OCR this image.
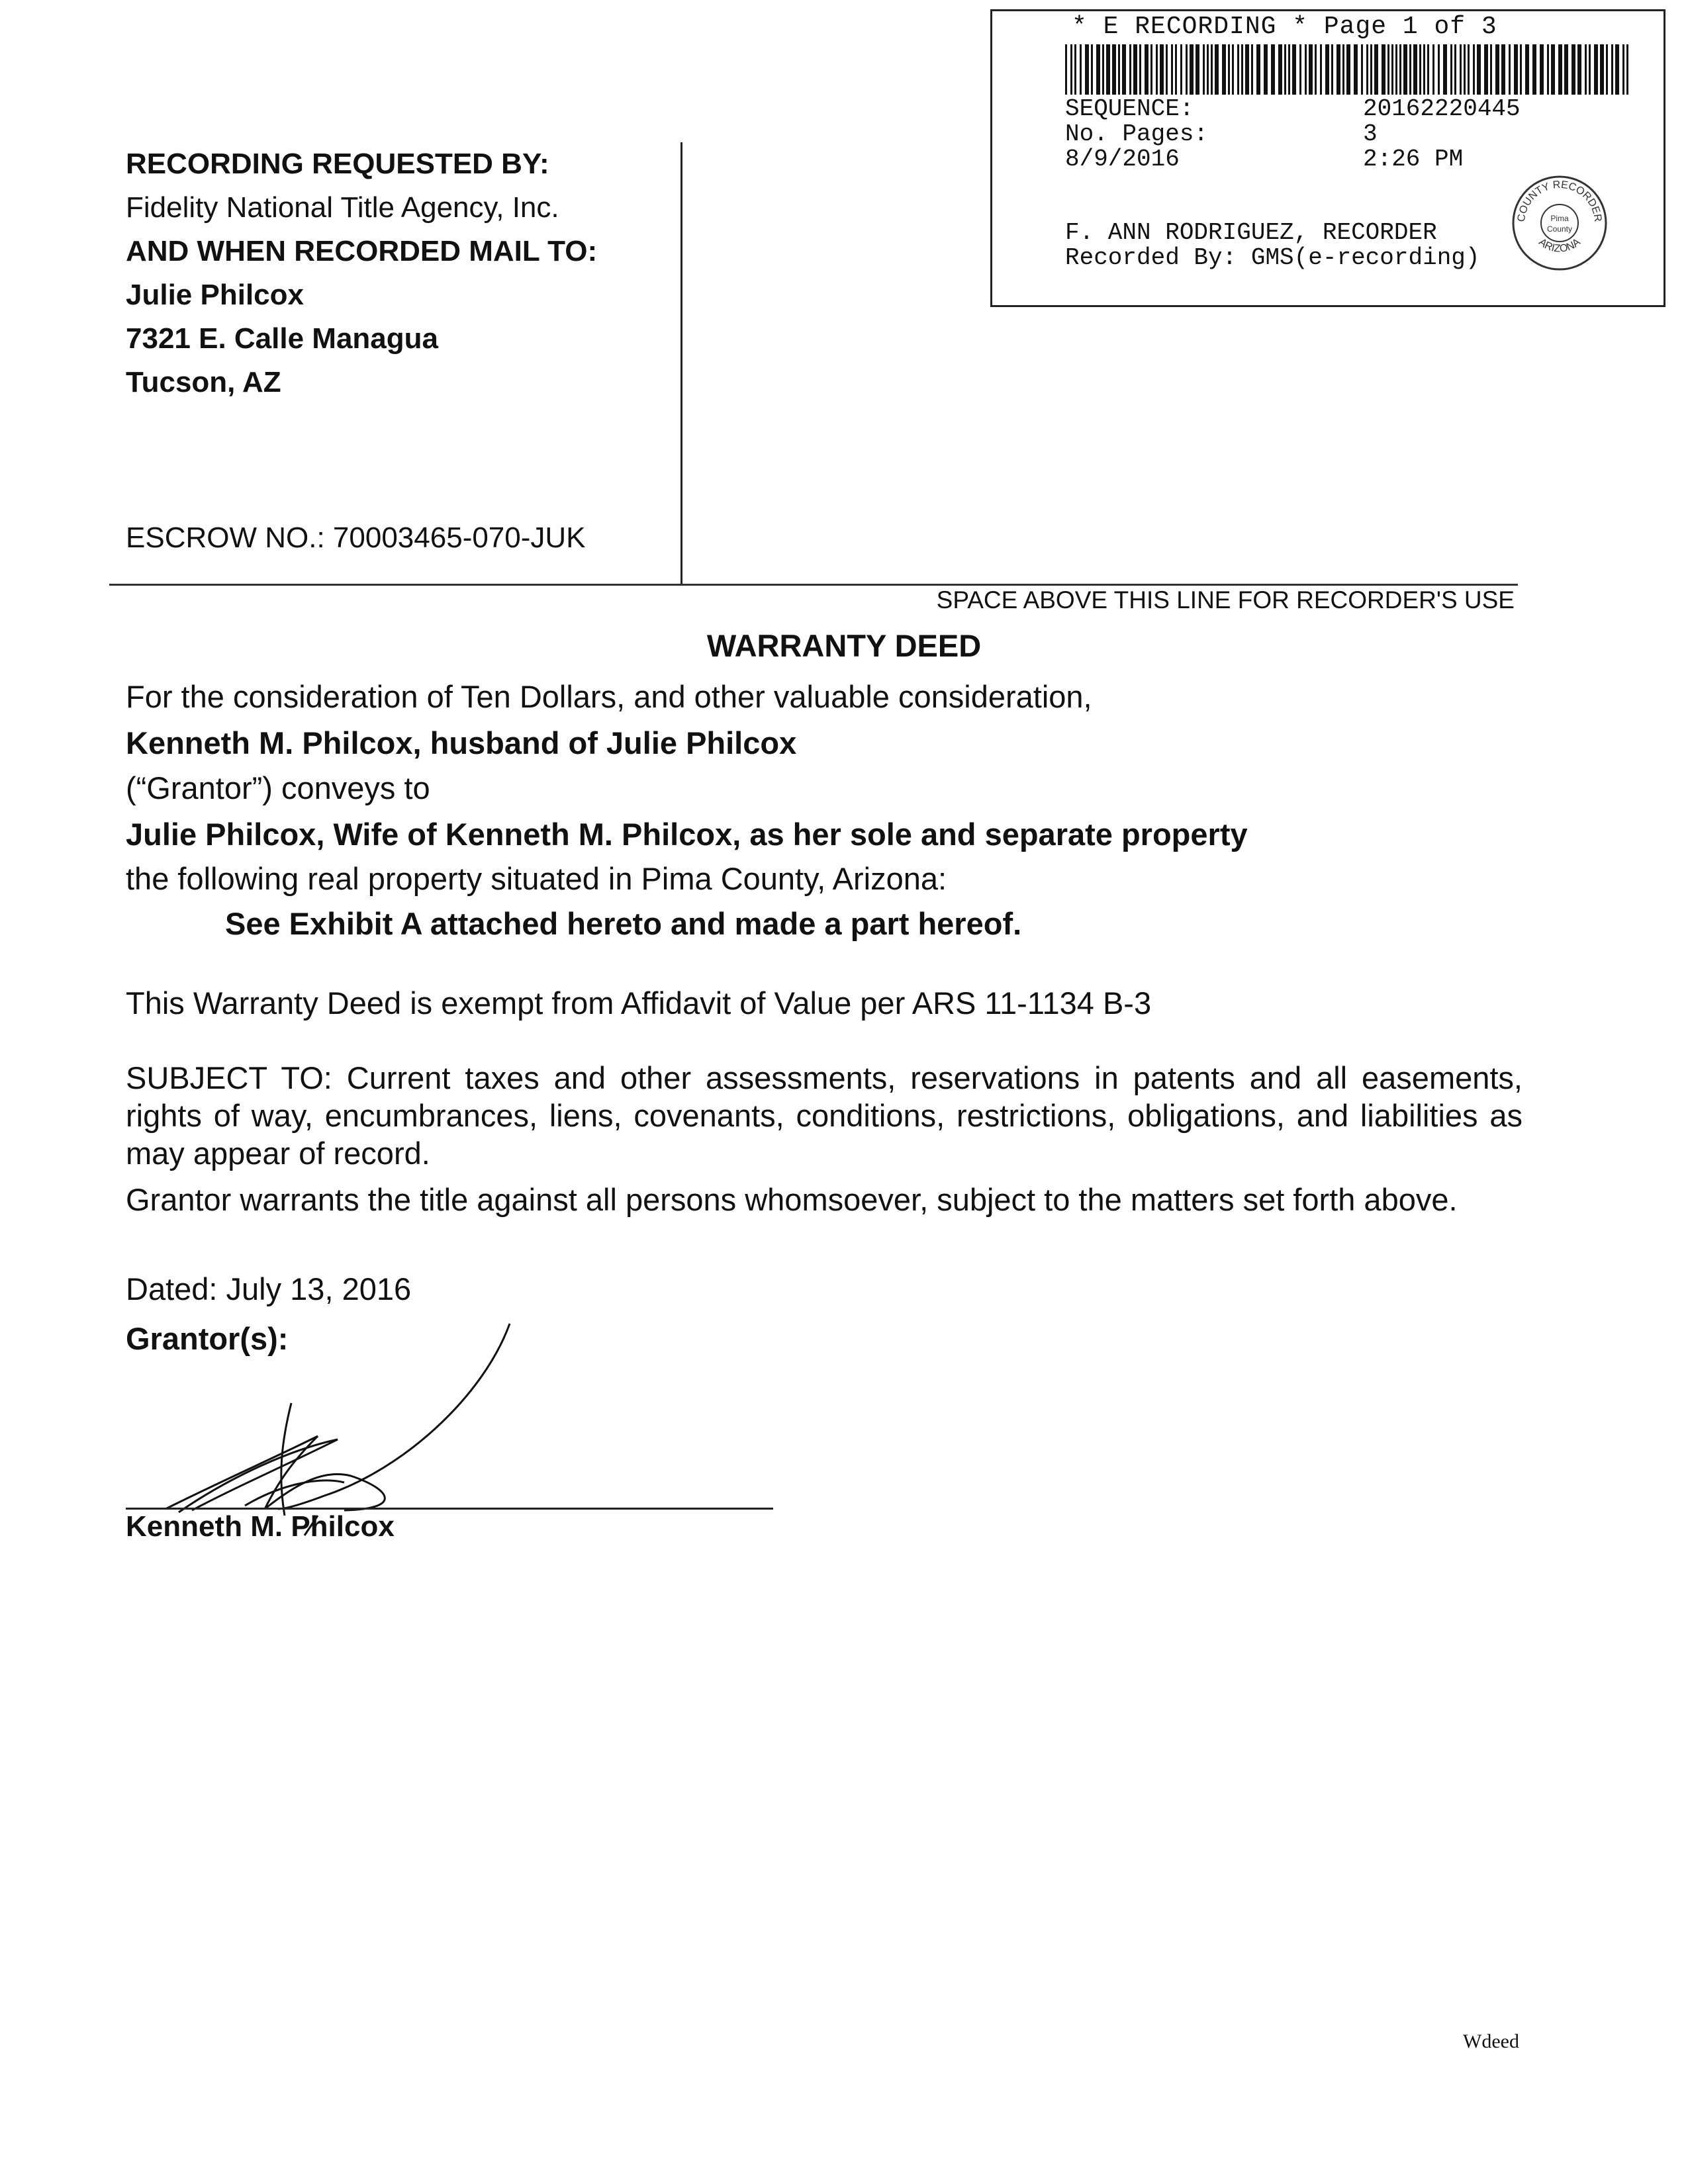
RECORDING REQUESTED BY:
Fidelity National Title Agency, Inc.
AND WHEN RECORDED MAIL TO:
Julie Philcox
7321 E. Calle Managua
Tucson, AZ
ESCROW NO.: 70003465-070-JUK
SPACE ABOVE THIS LINE FOR RECORDER'S USE
* E RECORDING * Page 1 of 3
SEQUENCE:	20162220445
No. Pages:	3
8/9/2016	2:26 PM
F. ANN RODRIGUEZ, RECORDER
Recorded By: GMS(e-recording)
COUNTY RECORDER
ARIZONA
Pima
County
WARRANTY DEED
For the consideration of Ten Dollars, and other valuable consideration,
Kenneth M. Philcox, husband of Julie Philcox
(“Grantor”) conveys to
Julie Philcox, Wife of Kenneth M. Philcox, as her sole and separate property
the following real property situated in Pima County, Arizona:
See Exhibit A attached hereto and made a part hereof.
This Warranty Deed is exempt from Affidavit of Value per ARS 11-1134 B-3
SUBJECT TO: Current taxes and other assessments, reservations in patents and all easements, rights of way, encumbrances, liens, covenants, conditions, restrictions, obligations, and liabilities as may appear of record.
Grantor warrants the title against all persons whomsoever, subject to the matters set forth above.
Dated: July 13, 2016
Grantor(s):
Kenneth M. Philcox
Wdeed
